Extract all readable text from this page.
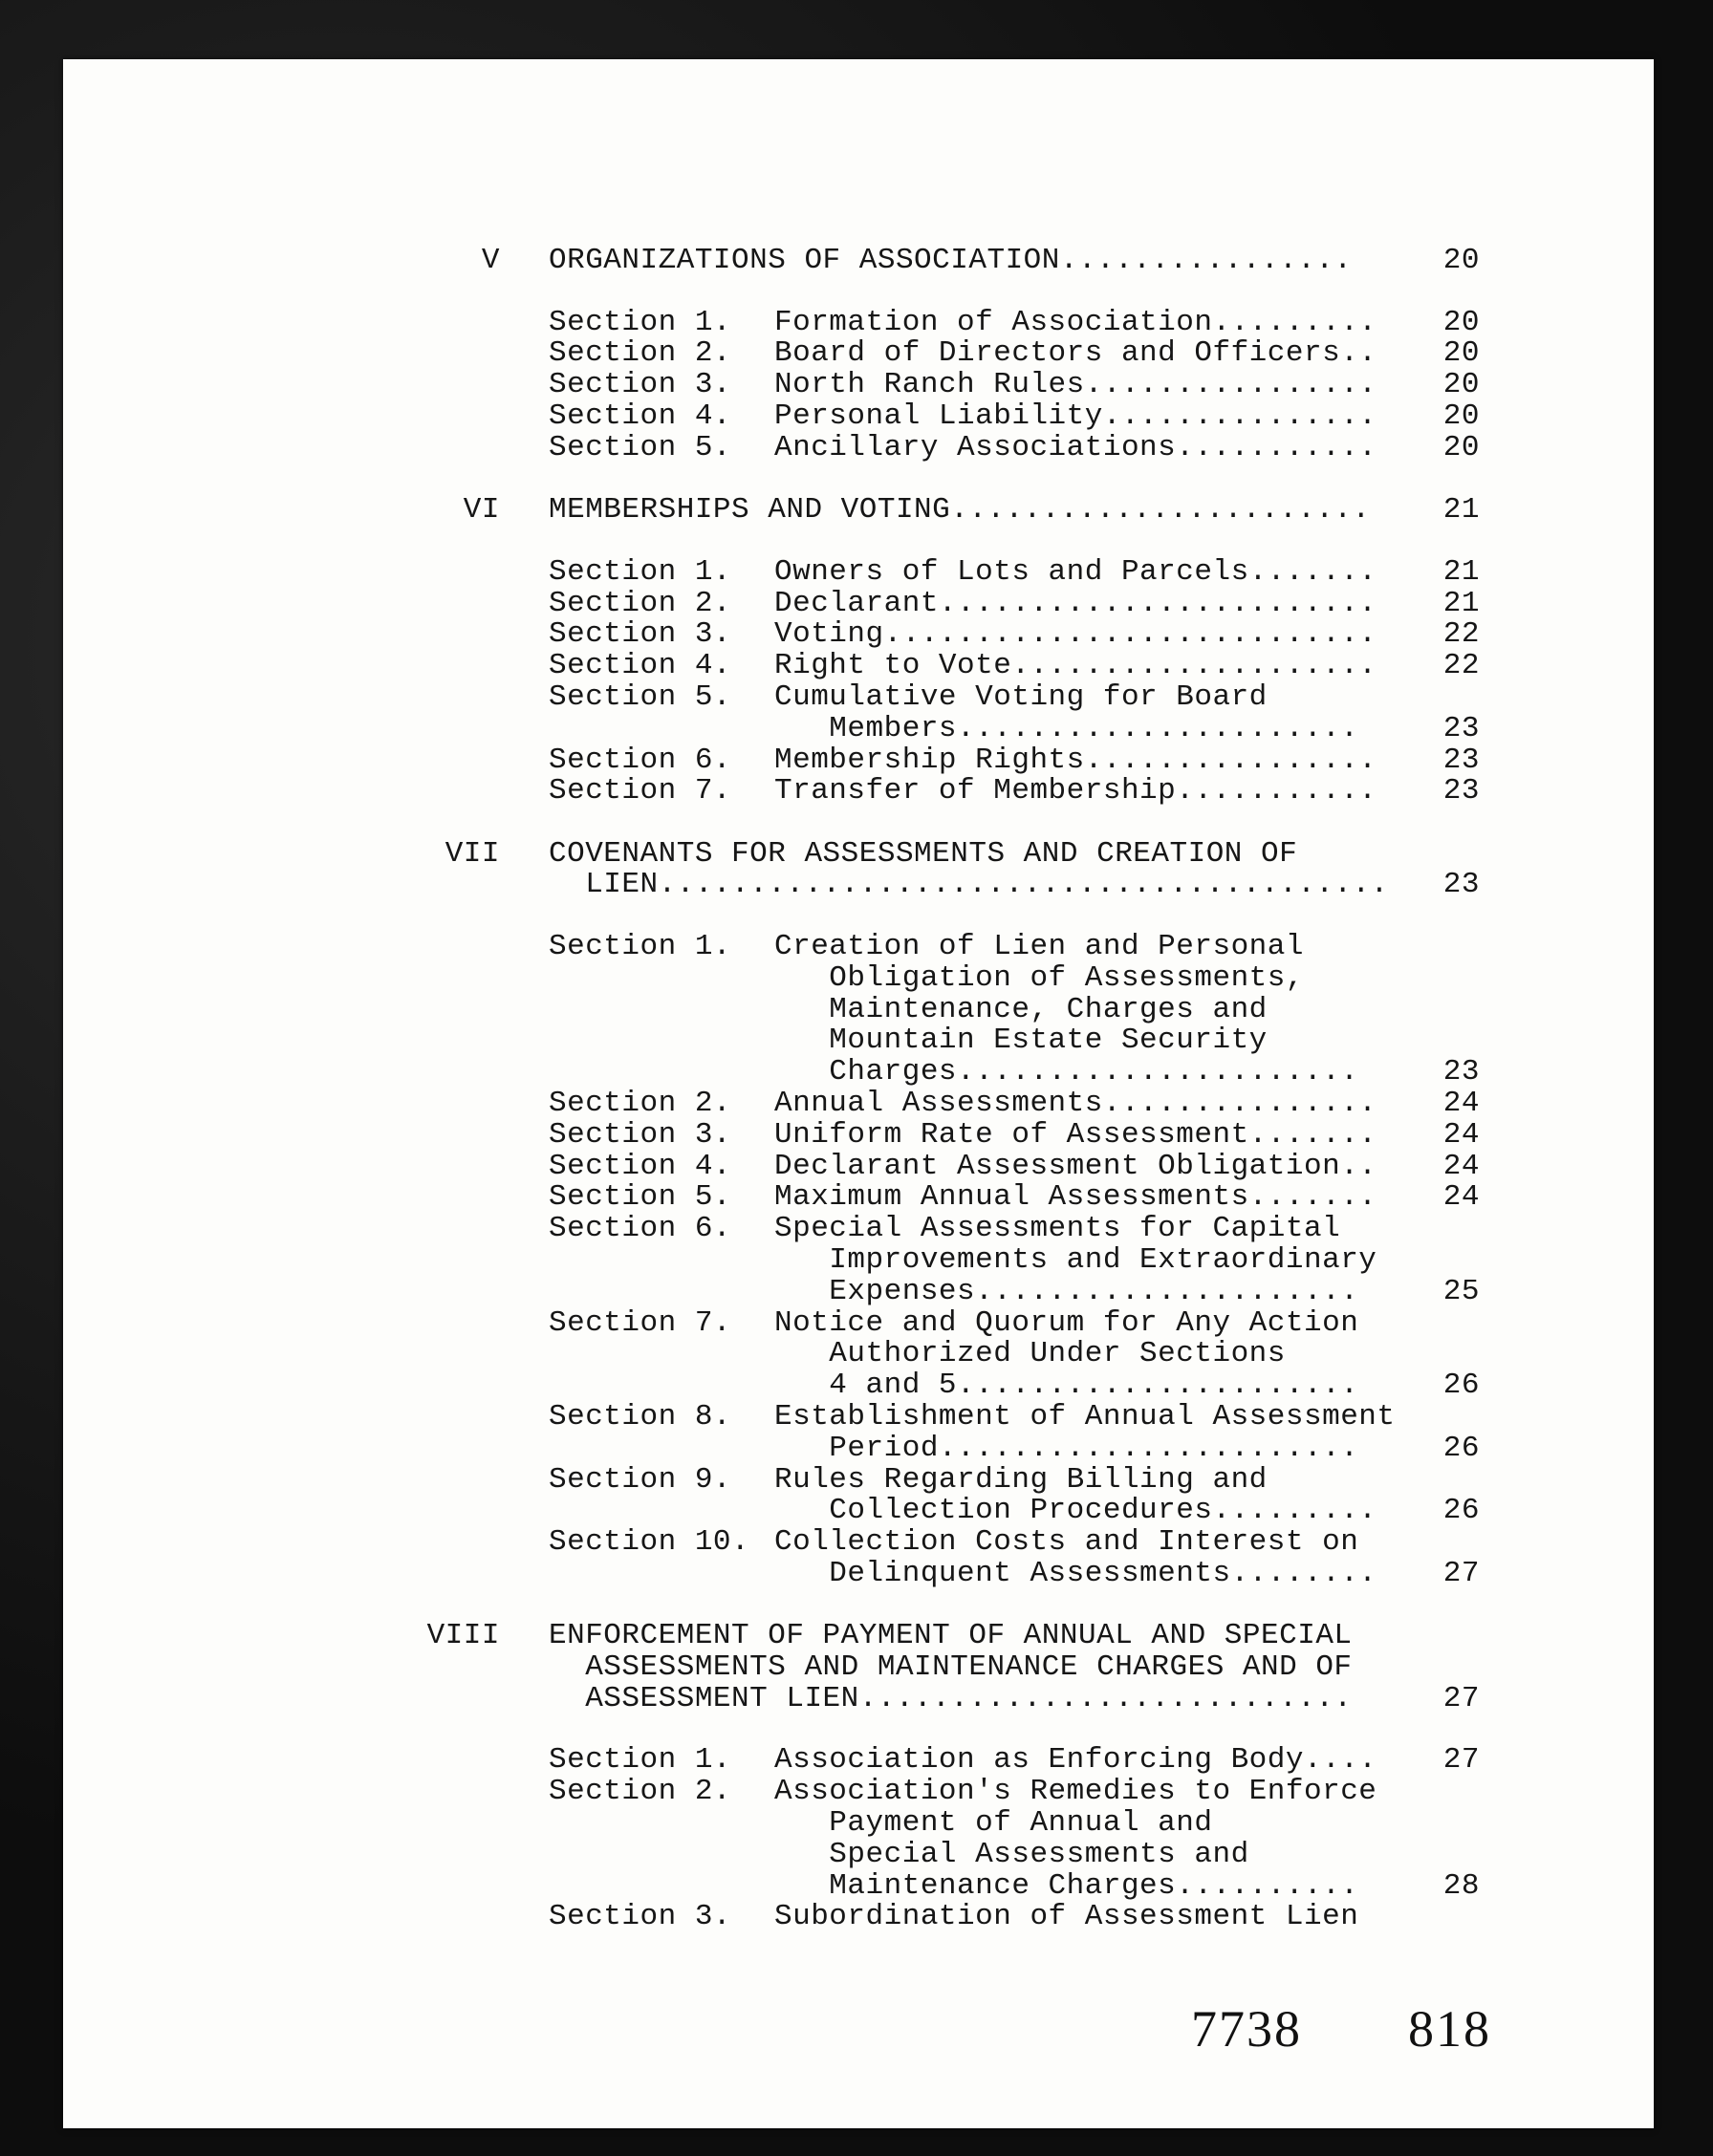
V ORGANIZATIONS OF ASSOCIATION................	20
Section 1. Formation of Association.........	20
Section 2. Board of Directors and Officers..	20
Section 3. North Ranch Rules................	20
Section 4. Personal Liability...............	20
Section 5. Ancillary Associations...........	20
VI MEMBERSHIPS AND VOTING.......................	21
Section 1. Owners of Lots and Parcels.......	21
Section 2. Declarant........................	21
Section 3. Voting...........................	22
Section 4. Right to Vote....................	22
Section 5. Cumulative Voting for Board
Members......................	23
Section 6. Membership Rights................	23
Section 7. Transfer of Membership...........	23
VII COVENANTS FOR ASSESSMENTS AND CREATION OF
LIEN........................................	23
Section 1. Creation of Lien and Personal
Obligation of Assessments,
Maintenance, Charges and
Mountain Estate Security
Charges......................	23
Section 2. Annual Assessments...............	24
Section 3. Uniform Rate of Assessment.......	24
Section 4. Declarant Assessment Obligation..	24
Section 5. Maximum Annual Assessments.......	24
Section 6. Special Assessments for Capital
Improvements and Extraordinary
Expenses.....................	25
Section 7. Notice and Quorum for Any Action
Authorized Under Sections
4 and 5......................	26
Section 8. Establishment of Annual Assessment
Period.......................	26
Section 9. Rules Regarding Billing and
Collection Procedures.........	26
Section 10. Collection Costs and Interest on
Delinquent Assessments........	27
VIII ENFORCEMENT OF PAYMENT OF ANNUAL AND SPECIAL
ASSESSMENTS AND MAINTENANCE CHARGES AND OF
ASSESSMENT LIEN...........................	27
Section 1. Association as Enforcing Body....	27
Section 2. Association's Remedies to Enforce
Payment of Annual and
Special Assessments and
Maintenance Charges..........	28
Section 3. Subordination of Assessment Lien
7738 818
